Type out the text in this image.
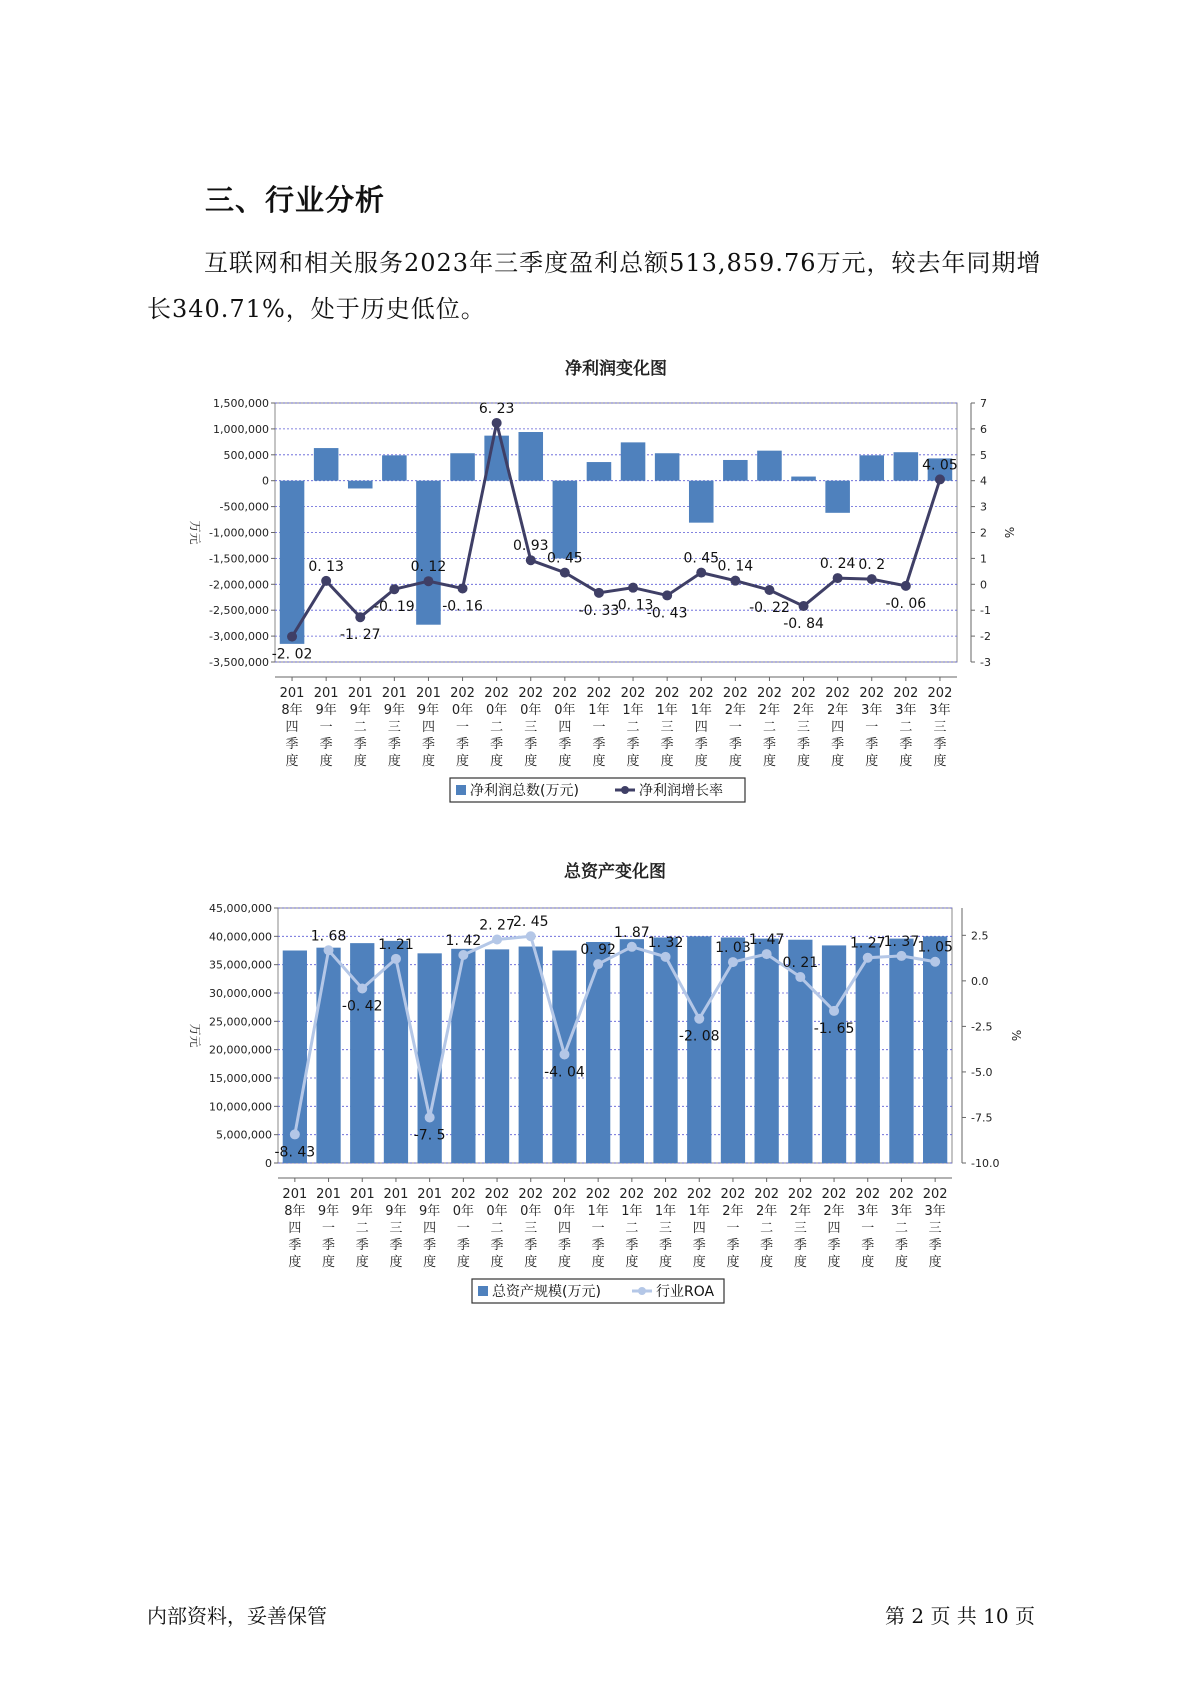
三、行业分析
互联网和相关服务2023年三季度盈利总额513,859.76万元，较去年同期增长340.71%，处于历史低位。
净利润变化图
1,500,000
1,000,000
500,000
0
-500,000
-1,000,000
-1,500,000
-2,000,000
-2,500,000
-3,000,000
-3,500,000
7
6
5
4
3
2
1
0
-1
-2
-3
万元	%
-2. 02
0. 13
-1. 27
-0. 19
0. 12
-0. 16
6. 23
0. 93
0. 45
-0. 33
-0. 13
-0. 43
0. 45
0. 14
-0. 22
-0. 84
0. 24 0. 2
-0. 06
4. 05
201 8年四季度
201 9年一季度
201 9年二季度
201 9年三季度
201 9年四季度
202 0年一季度
202 0年二季度
202 0年三季度
202 0年四季度
202 1年一季度
202 1年二季度
202 1年三季度
202 1年四季度
202 2年一季度
202 2年二季度
202 2年三季度
202 2年四季度
202 3年一季度
202 3年二季度
202 3年三季度
净利润总数(万元)	净利润增长率
总资产变化图
45,000,000
40,000,000
35,000,000
30,000,000
25,000,000
20,000,000
15,000,000
10,000,000
5,000,000
0
2.5
0.0
-2.5
-5.0
-7.5
-10.0
万元	%
-8. 43
1. 68
-0. 42
1. 21
-7. 5
1. 42
2. 27
2. 45
-4. 04
0. 92
1. 87
1. 32
-2. 08
1. 03
1. 47
0. 21
-1. 65
1. 27
1. 37
1. 05
201 8年四季度
201 9年一季度
201 9年二季度
201 9年三季度
201 9年四季度
202 0年一季度
202 0年二季度
202 0年三季度
202 0年四季度
202 1年一季度
202 1年二季度
202 1年三季度
202 1年四季度
202 2年一季度
202 2年二季度
202 2年三季度
202 2年四季度
202 3年一季度
202 3年二季度
202 3年三季度
总资产规模(万元)	行业ROA
内部资料，妥善保管	第 2 页 共 10 页
